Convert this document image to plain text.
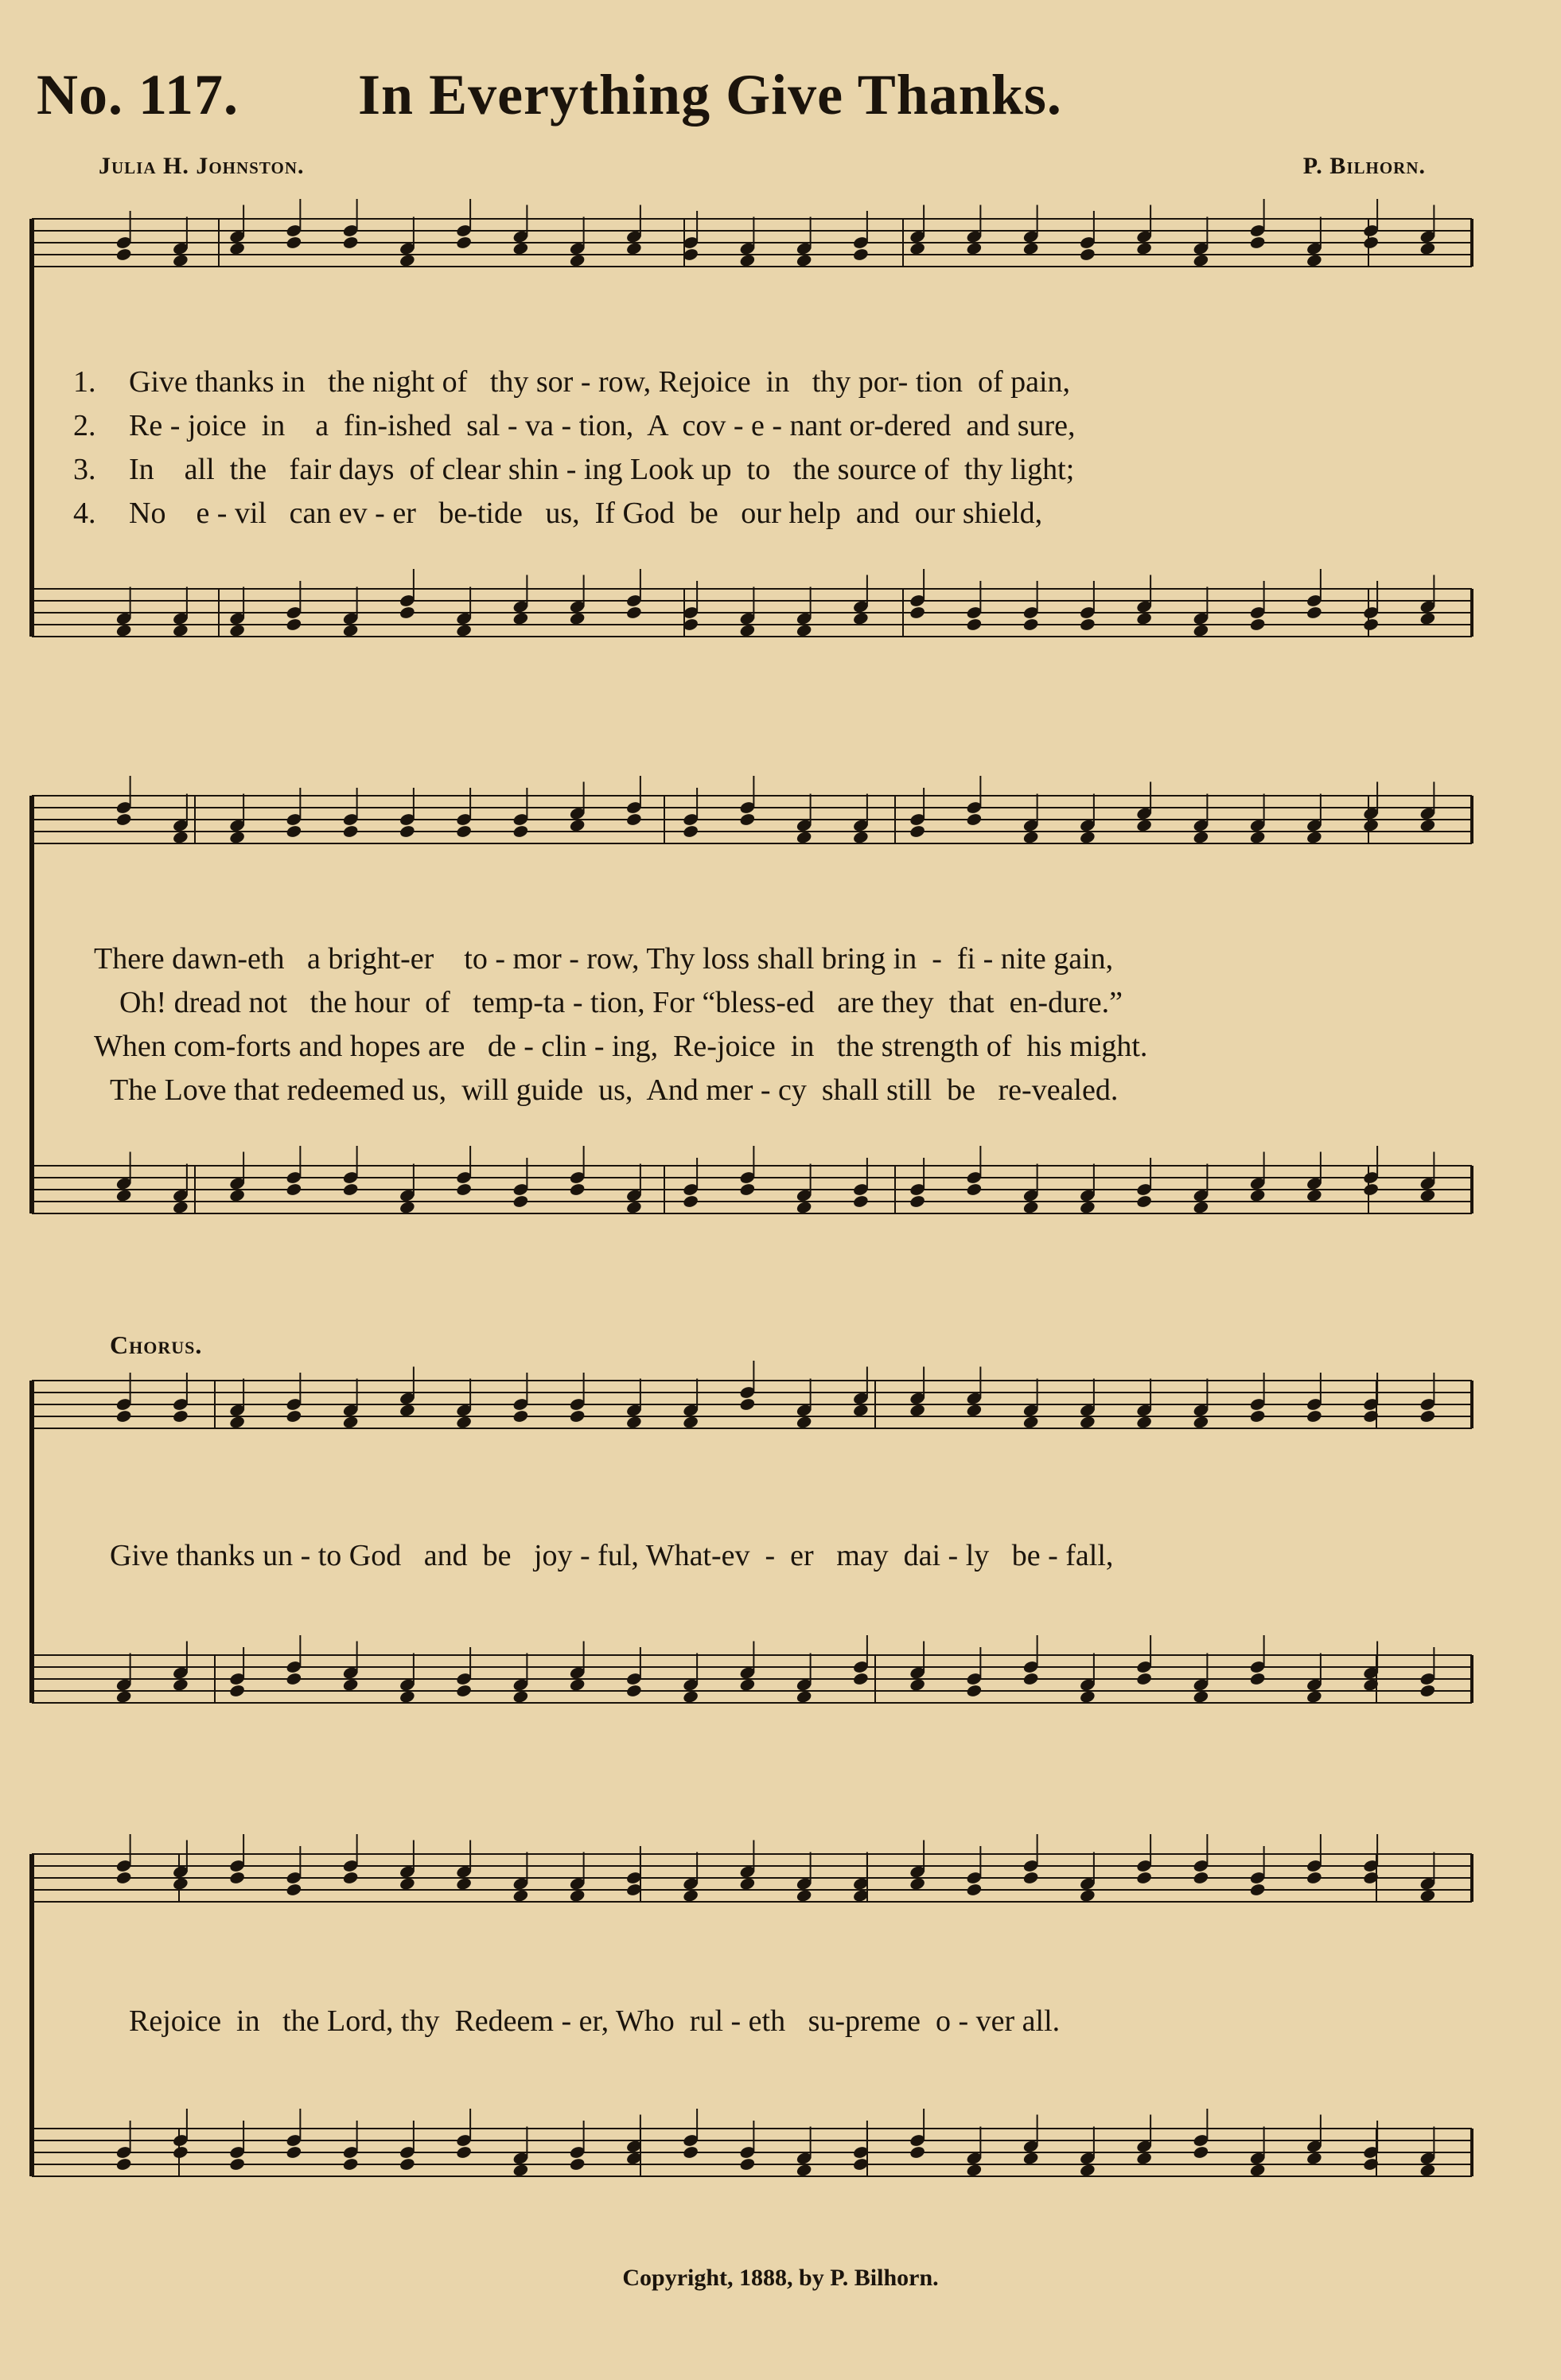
No. 117. In Everything Give Thanks.
Julia H. Johnston.	P. Bilhorn.
1. Give thanks in   the night of   thy sor - row, Rejoice  in   thy por- tion  of pain,
2. Re - joice  in    a  fin-ished  sal - va - tion,  A  cov - e - nant or-dered  and sure,
3. In    all  the   fair days  of clear shin - ing Look up  to   the source of  thy light;
4. No    e - vil   can ev - er   be-tide   us,  If God  be   our help  and  our shield,
There dawn-eth   a bright-er    to - mor - row, Thy loss shall bring in  -  fi - nite gain,
Oh! dread not   the hour  of   temp-ta - tion, For “bless-ed   are they  that  en-dure.”
When com-forts and hopes are   de - clin - ing,  Re-joice  in   the strength of  his might.
The Love that redeemed us,  will guide  us,  And mer - cy  shall still  be   re-vealed.
Chorus.
Give thanks un - to God   and  be   joy - ful, What-ev  -  er   may  dai - ly   be - fall,
Rejoice  in   the Lord, thy  Redeem - er, Who  rul - eth   su-preme  o - ver all.
Copyright, 1888, by P. Bilhorn.
